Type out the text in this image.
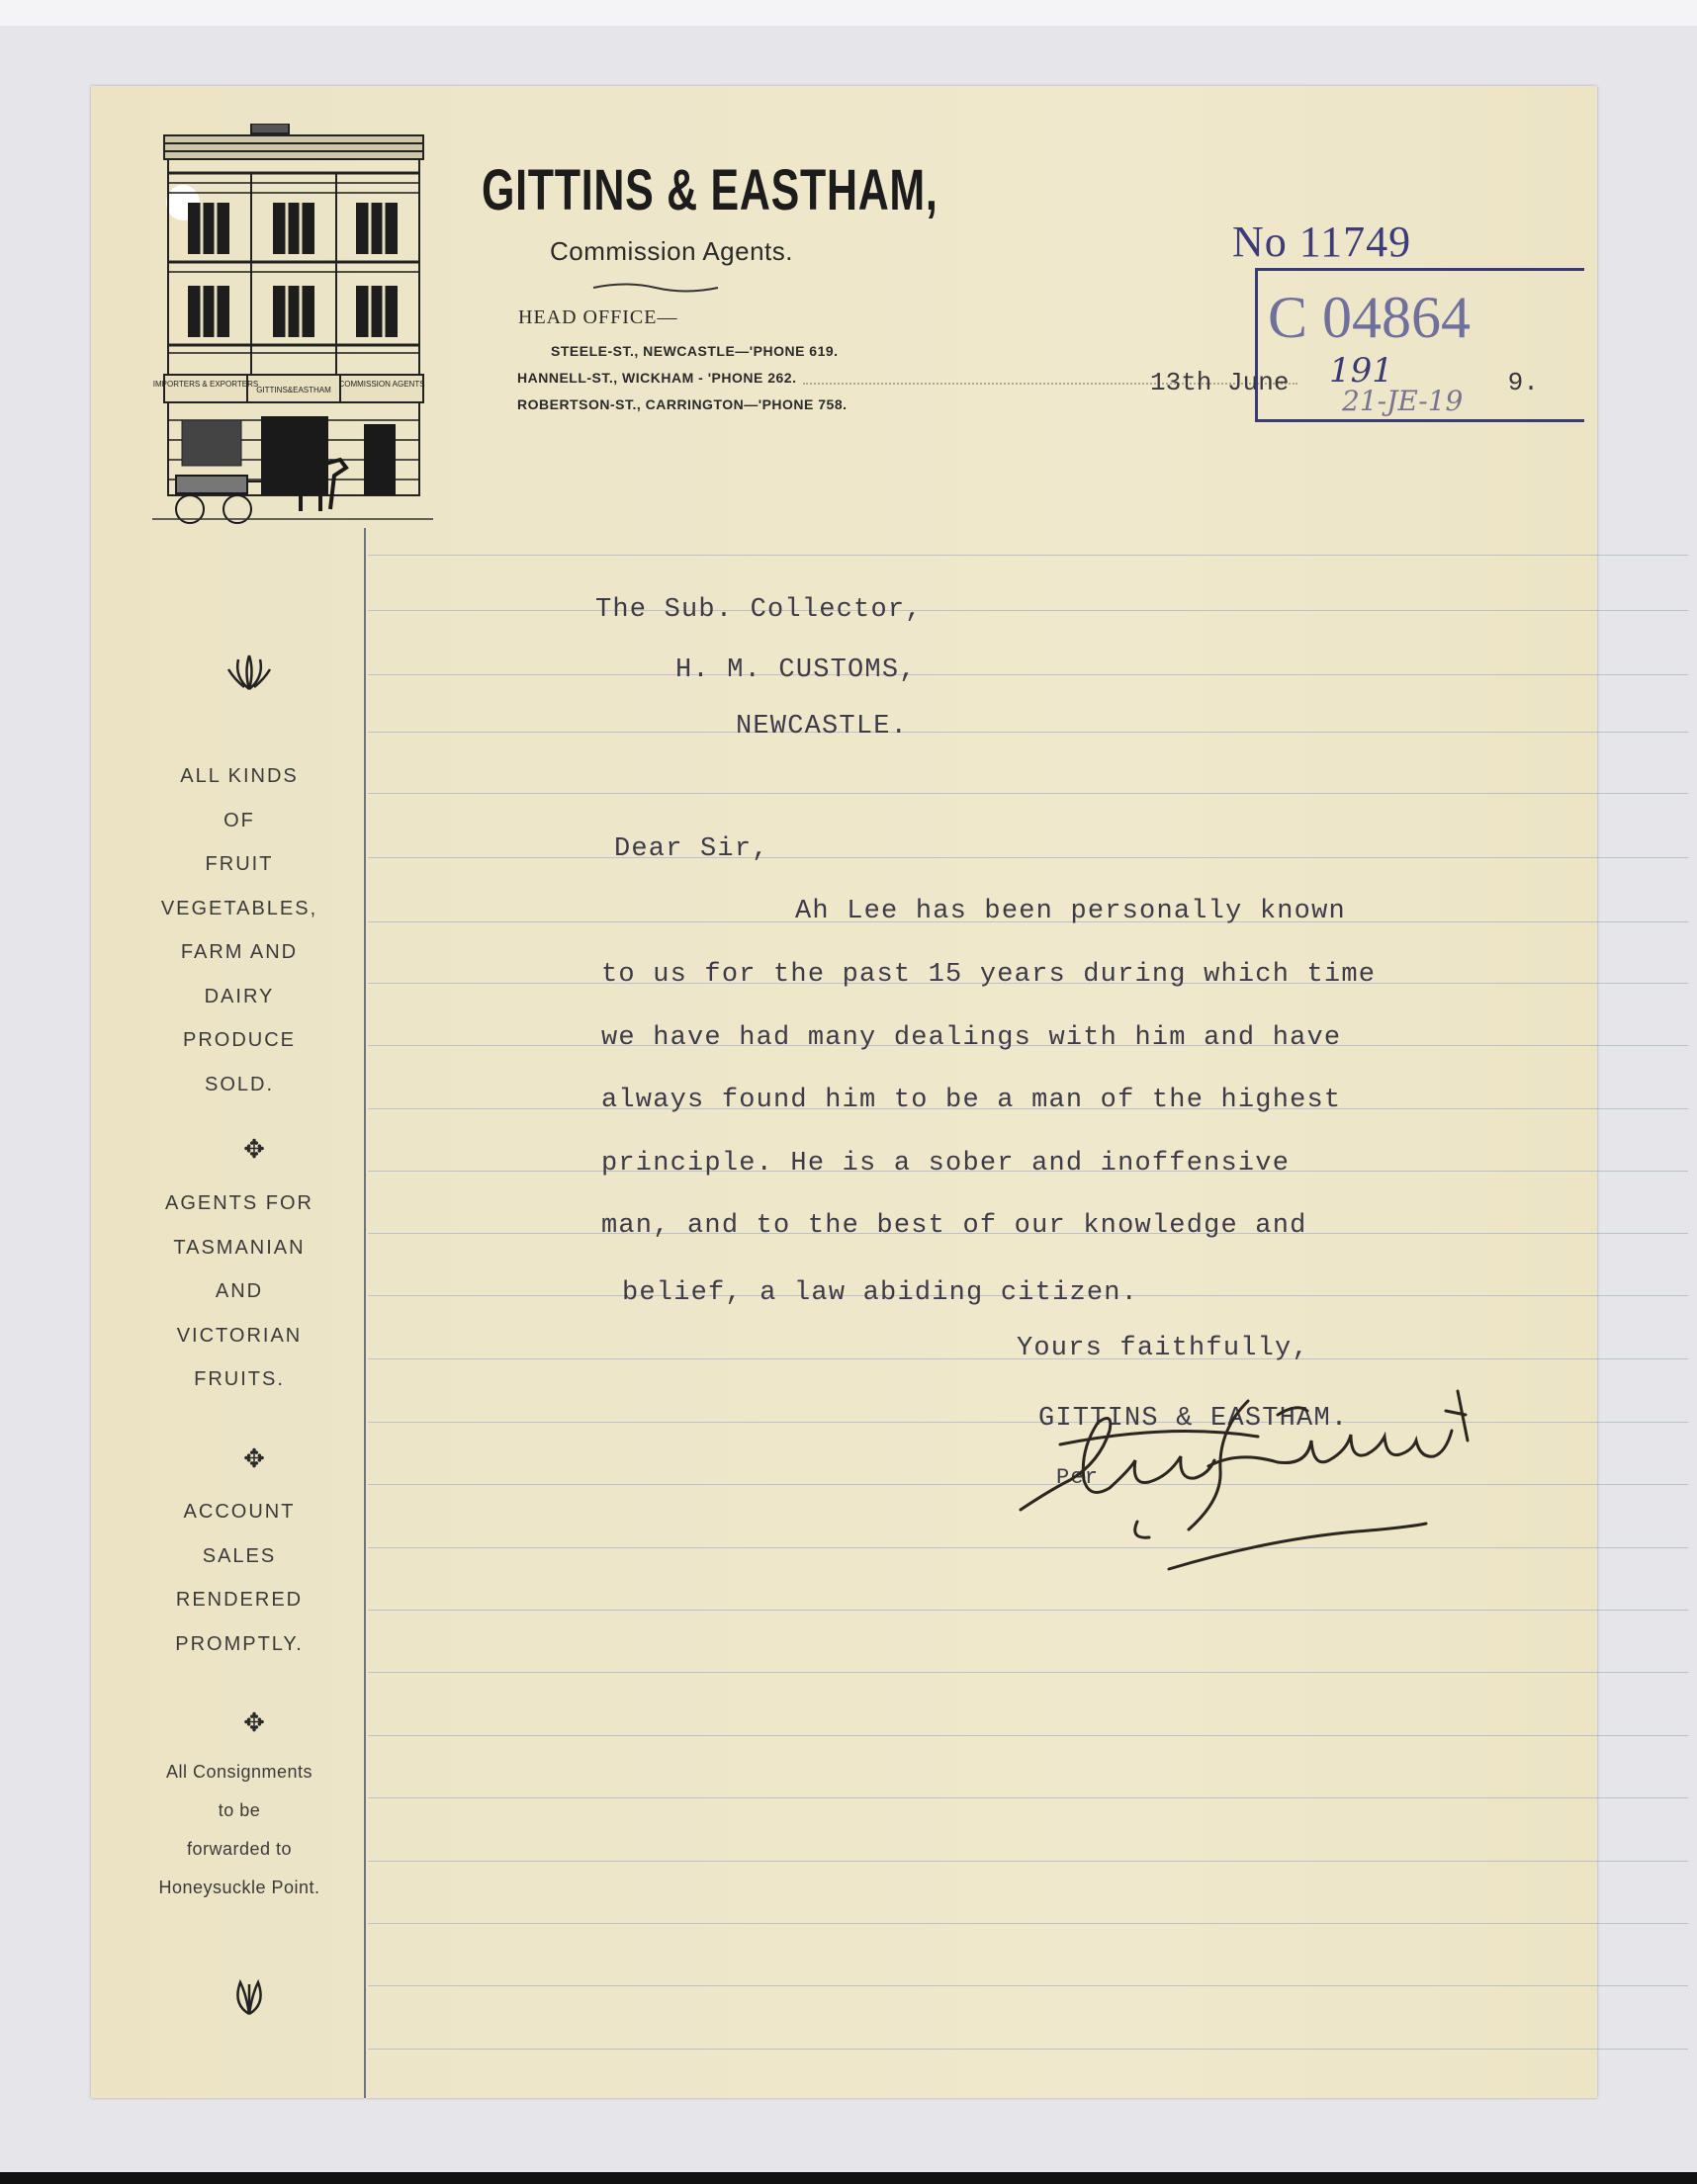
IMPORTERS & EXPORTERS
GITTINS&EASTHAM
COMMISSION AGENTS
GITTINS & EASTHAM,
Commission Agents.
HEAD OFFICE—
STEELE-ST., NEWCASTLE—'PHONE 619.
HANNELL-ST., WICKHAM - 'PHONE 262.
ROBERTSON-ST., CARRINGTON—'PHONE 758.
No 11749
C 04864
13th June	9.
191
21-JE-19
ALL KINDS
OF
FRUIT
VEGETABLES,
FARM AND
DAIRY
PRODUCE
SOLD.
✥
AGENTS FOR
TASMANIAN
AND
VICTORIAN
FRUITS.
✥
ACCOUNT
SALES
RENDERED
PROMPTLY.
✥
All Consignments
to be
forwarded to
Honeysuckle Point.
The Sub. Collector,
H. M. CUSTOMS,
NEWCASTLE.
Dear Sir,
Ah Lee has been personally known
to us for the past 15 years during which time
we have had many dealings with him and have
always found him to be a man of the highest
principle. He is a sober and inoffensive
man, and to the best of our knowledge and
belief, a law abiding citizen.
Yours faithfully,
GITTINS & EASTHAM.
Per
